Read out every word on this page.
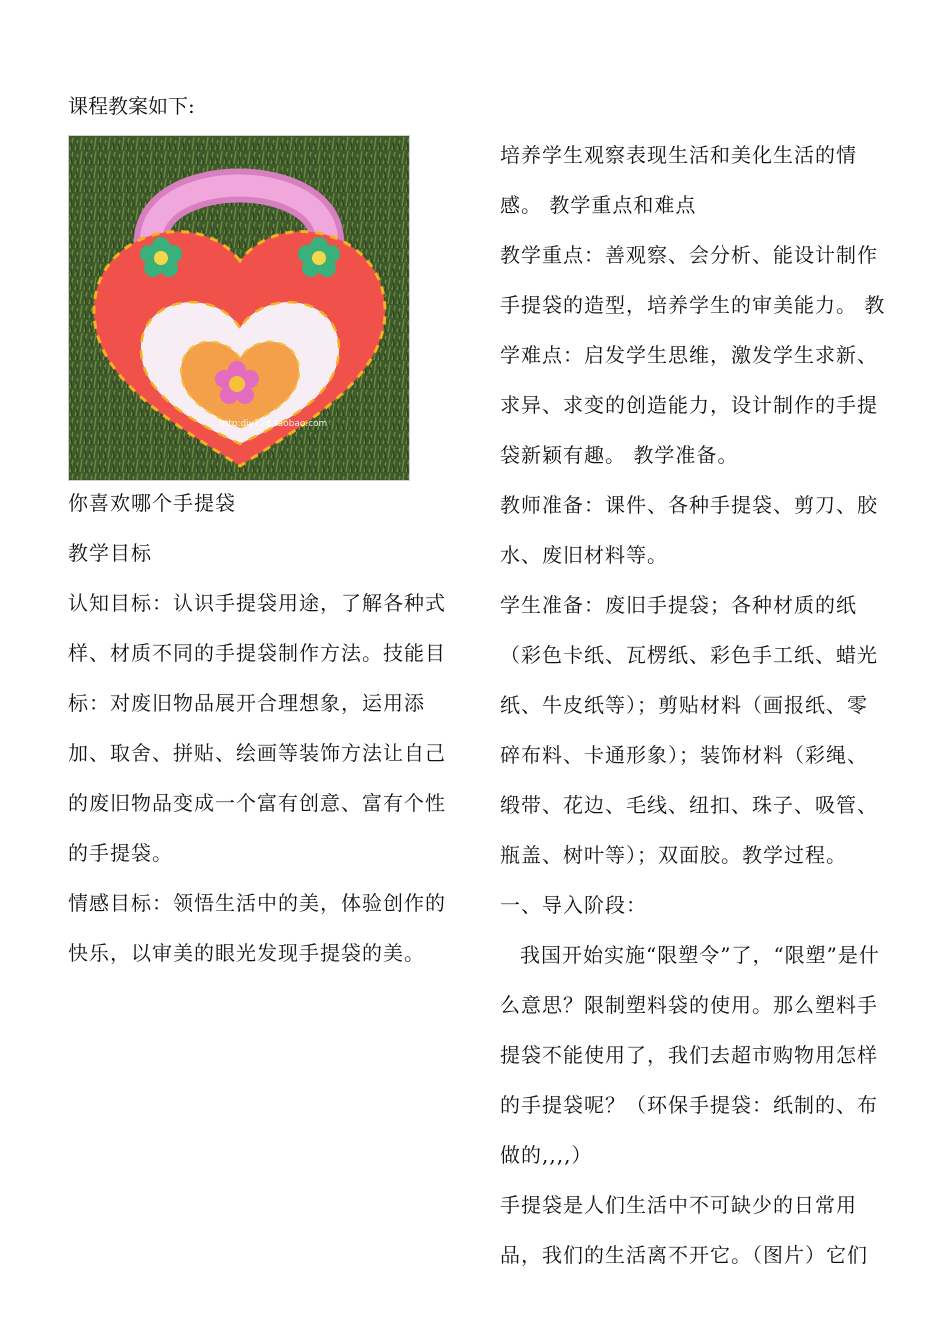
课程教案如下:
http:diy128.taobao.com

你喜欢哪个手提袋

教学目标

认知目标：认识手提袋用途，了解各种式样、材质不同的手提袋制作方法。技能目标：对废旧物品展开合理想象，运用添加、取舍、拼贴、绘画等装饰方法让自己的废旧物品变成一个富有创意、富有个性的手提袋。

情感目标：领悟生活中的美，体验创作的快乐，以审美的眼光发现手提袋的美。

培养学生观察表现生活和美化生活的情感。 教学重点和难点

教学重点：善观察、会分析、能设计制作手提袋的造型，培养学生的审美能力。 教学难点：启发学生思维，激发学生求新、求异、求变的创造能力，设计制作的手提袋新颖有趣。 教学准备。

教师准备：课件、各种手提袋、剪刀、胶水、废旧材料等。

学生准备：废旧手提袋；各种材质的纸（彩色卡纸、瓦楞纸、彩色手工纸、蜡光纸、牛皮纸等）；剪贴材料（画报纸、零碎布料、卡通形象）；装饰材料（彩绳、缎带、花边、毛线、纽扣、珠子、吸管、瓶盖、树叶等）；双面胶。教学过程。一、导入阶段：

我国开始实施“限塑令”了，“限塑”是什么意思？限制塑料袋的使用。那么塑料手提袋不能使用了，我们去超市购物用怎样的手提袋呢？（环保手提袋：纸制的、布做的,,,,）

手提袋是人们生活中不可缺少的日常用品，我们的生活离不开它。（图片）它们
